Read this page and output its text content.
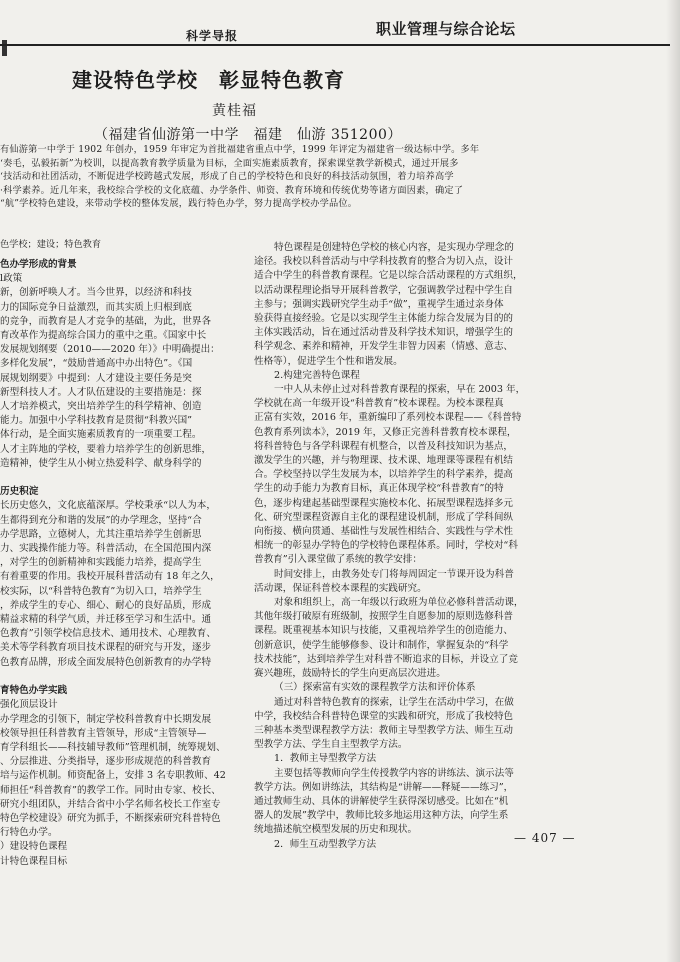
科学导报	职业管理与综合论坛
建设特色学校　彰显特色教育
黄桂福
（福建省仙游第一中学　福建　仙游 351200）
有仙游第一中学于 1902 年创办，1959 年审定为首批福建省重点中学，1999 年评定为福建省一级达标中学。多年
‘奏毛，弘毅拓新”为校训，以提高教育教学质量为目标，全面实施素质教育，探索课堂教学新模式，通过开展多
‘技活动和社团活动，不断促进学校跨越式发展，形成了自己的学校特色和良好的科技活动氛围，着力培养高学
·科学素养。近几年来，我校综合学校的文化底蕴、办学条件、师资、教育环境和传统优势等诸方面因素，确定了
“航”学校特色建设，来带动学校的整体发展，践行特色办学，努力提高学校办学品位。
色学校；建设；特色教育
色办学形成的背景
l政策
新，创新呼唤人才。当今世界，以经济和科技
力的国际竞争日益激烈，而其实质上归根到底
的竞争，而教育是人才竞争的基础，为此，世界各
育改革作为提高综合国力的重中之重。《国家中长
发展规划纲要（2010——2020 年）》中明确提出：
多样化发展”，“鼓励普通高中办出特色”。《国
展规划纲要》中提到：人才建设主要任务是突
新型科技人才。人才队伍建设的主要措施是：探
人才培养模式，突出培养学生的科学精神、创造
能力。加强中小学科技教育是贯彻“科教兴国”
体行动，是全面实施素质教育的一项重要工程。
人才主阵地的学校，要着力培养学生的创新思维，
造精神，使学生从小树立热爱科学、献身科学的

历史积淀
长历史悠久，文化底蕴深厚。学校秉承“以人为本，
生都得到充分和谐的发展”的办学理念，坚持“合
办学思路，立德树人，尤其注重培养学生创新思
力、实践操作能力等。科普活动，在全国范围内深
，对学生的创新精神和实践能力培养，提高学生
有着重要的作用。我校开展科普活动有 18 年之久，
校实际，以“科普特色教育”为切入口，培养学生
，养成学生的专心、细心、耐心的良好品质，形成
精益求精的科学气质，并迁移至学习和生活中。通
色教育”引领学校信息技术、通用技术、心理教育、
美术等学科教育项目技术课程的研究与开发，逐步
色教育品牌，形成全面发展特色创新教育的办学特

育特色办学实践
强化顶层设计
办学理念的引领下，制定学校科普教育中长期发展
校领导担任科普教育主管领导，形成“主管领导—
育学科组长——科技辅导教师”管理机制，统筹规划、
、分层推进、分类指导，逐步形成规范的科普教育
培与运作机制。师资配备上，安排 3 名专职教师、42
师担任“科普教育”的教学工作。同时由专家、校长、
研究小组团队，并结合省中小学名师名校长工作室专
特色学校建设》研究为抓手，不断探索研究科普特色
行特色办学。
）建设特色课程
计特色课程目标
特色课程是创建特色学校的核心内容，是实现办学理念的
途径。我校以科普活动与中学科技教育的整合为切入点，设计
适合中学生的科普教育课程。它是以综合活动课程的方式组织，
以活动课程理论指导开展科普教学，它强调教学过程中学生自
主参与；强调实践研究学生动手“做”，重视学生通过亲身体
验获得直接经验。它是以实现学生主体能力综合发展为目的的
主体实践活动，旨在通过活动普及科学技术知识，增强学生的
科学观念、素养和精神，开发学生非智力因素（情感、意志、
性格等），促进学生个性和谐发展。
2.构建完善特色课程
一中人从未停止过对科普教育课程的探索，早在 2003 年，
学校就在高一年级开设“科普教育”校本课程。为校本课程真
正富有实效，2016 年，重新编印了系列校本课程——《科普特
色教育系列读本》，2019 年，又修正完善科普教育校本课程，
将科普特色与各学科课程有机整合，以普及科技知识为基点，
激发学生的兴趣，并与物理课、技术课、地理课等课程有机结
合。学校坚持以学生发展为本，以培养学生的科学素养，提高
学生的动手能力为教育目标，真正体现学校“科普教育”的特
色，逐步构建起基础型课程实施校本化、拓展型课程选择多元
化、研究型课程资源自主化的课程建设机制，形成了学科间纵
向衔接、横向贯通、基础性与发展性相结合、实践性与学术性
相统一的彰显办学特色的学校特色课程体系。同时，学校对“科
普教育”引入课堂做了系统的教学安排：
时间安排上，由教务处专门将每周固定一节课开设为科普
活动课，保证科普校本课程的实践研究。
对象和组织上，高一年级以行政班为单位必修科普活动课，
其他年级打破原有班级制，按照学生自愿参加的原则选修科普
课程。既重视基本知识与技能，又重视培养学生的创造能力、
创新意识，使学生能够修参、设计和制作，掌握复杂的“科学
技术技能”，达到培养学生对科普不断追求的目标，并设立了竞
赛兴趣班，鼓励特长的学生向更高层次进进。
（三）探索富有实效的课程教学方法和评价体系
通过对科普特色教育的探索，让学生在活动中学习，在做
中学，我校结合科普特色课堂的实践和研究，形成了我校特色
三种基本类型课程教学方法：教师主导型教学方法、师生互动
型教学方法、学生自主型教学方法。
1．教师主导型教学方法
主要包括等教师向学生传授教学内容的讲练法、演示法等
教学方法。例如讲练法，其结构是“讲解——释疑——练习”，
通过教师生动、具体的讲解使学生获得深切感受。比如在“机
器人的发展”教学中，教师比较多地运用这种方法，向学生系
统地描述航空模型发展的历史和现状。
2．师生互动型教学方法	— 407 —
